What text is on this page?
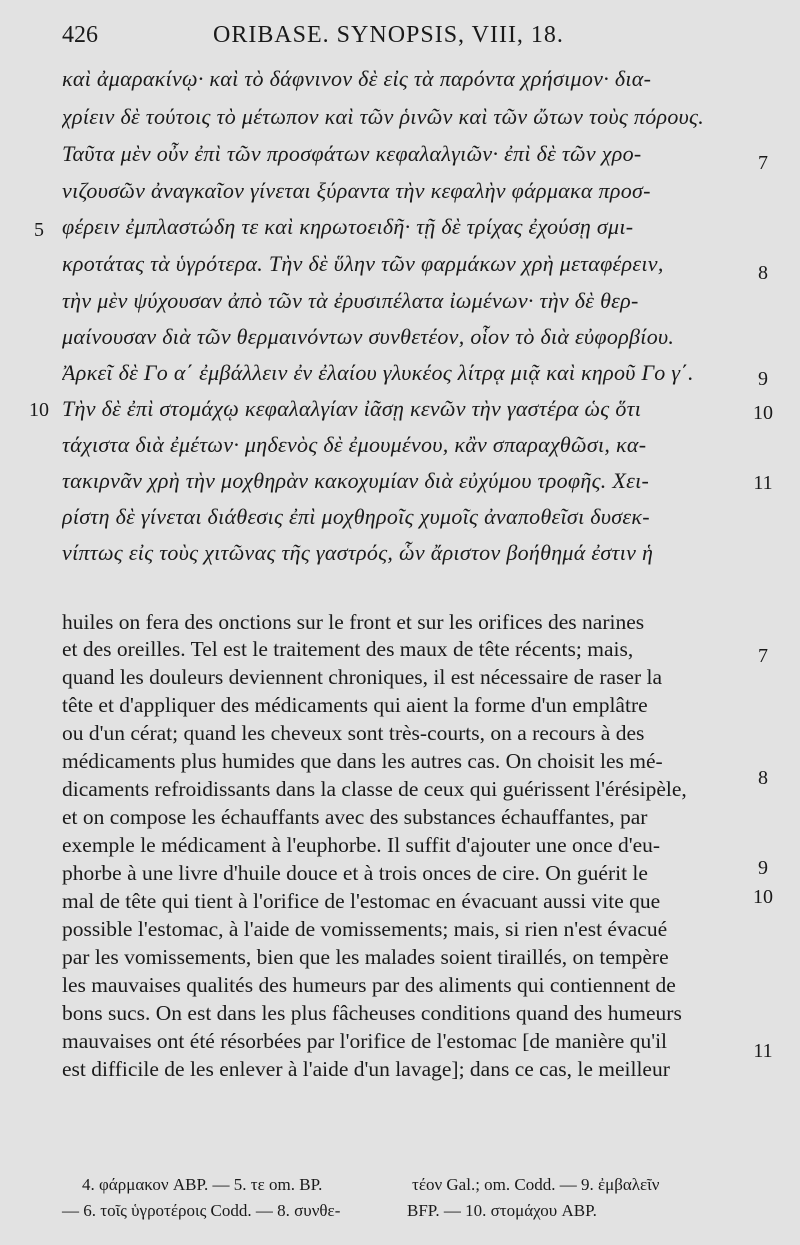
426	ORIBASE. SYNOPSIS, VIII, 18.
καὶ ἀμαρακίνῳ· καὶ τὸ δάφνινον δὲ εἰς τὰ παρόντα χρήσιμον· δια-
χρίειν δὲ τούτοις τὸ μέτωπον καὶ τῶν ῥινῶν καὶ τῶν ὤτων τοὺς πόρους.
Ταῦτα μὲν οὖν ἐπὶ τῶν προσφάτων κεφαλαλγιῶν· ἐπὶ δὲ τῶν χρο-
νιζουσῶν ἀναγκαῖον γίνεται ξύραντα τὴν κεφαλὴν φάρμακα προσ-
φέρειν ἐμπλαστώδη τε καὶ κηρωτοειδῆ· τῇ δὲ τρίχας ἐχούσῃ σμι-
κροτάτας τὰ ὑγρότερα. Τὴν δὲ ὕλην τῶν φαρμάκων χρὴ μεταφέρειν,
τὴν μὲν ψύχουσαν ἀπὸ τῶν τὰ ἐρυσιπέλατα ἰωμένων· τὴν δὲ θερ-
μαίνουσαν διὰ τῶν θερμαινόντων συνθετέον, οἷον τὸ διὰ εὐφορβίου.
Ἀρκεῖ δὲ Γο α΄ ἐμβάλλειν ἐν ἐλαίου γλυκέος λίτρᾳ μιᾷ καὶ κηροῦ Γο γ΄.
Τὴν δὲ ἐπὶ στομάχῳ κεφαλαλγίαν ἰᾶσῃ κενῶν τὴν γαστέρα ὡς ὅτι
τάχιστα διὰ ἐμέτων· μηδενὸς δὲ ἐμουμένου, κἂν σπαραχθῶσι, κα-
τακιρνᾶν χρὴ τὴν μοχθηρὰν κακοχυμίαν διὰ εὐχύμου τροφῆς. Χει-
ρίστη δὲ γίνεται διάθεσις ἐπὶ μοχθηροῖς χυμοῖς ἀναποθεῖσι δυσεκ-
νίπτως εἰς τοὺς χιτῶνας τῆς γαστρός, ὧν ἄριστον βοήθημά ἐστιν ἡ
5
10
7
8
9
10
11
huiles on fera des onctions sur le front et sur les orifices des narines
et des oreilles. Tel est le traitement des maux de tête récents; mais,
quand les douleurs deviennent chroniques, il est nécessaire de raser la
tête et d'appliquer des médicaments qui aient la forme d'un emplâtre
ou d'un cérat; quand les cheveux sont très-courts, on a recours à des
médicaments plus humides que dans les autres cas. On choisit les mé-
dicaments refroidissants dans la classe de ceux qui guérissent l'érésipèle,
et on compose les échauffants avec des substances échauffantes, par
exemple le médicament à l'euphorbe. Il suffit d'ajouter une once d'eu-
phorbe à une livre d'huile douce et à trois onces de cire. On guérit le
mal de tête qui tient à l'orifice de l'estomac en évacuant aussi vite que
possible l'estomac, à l'aide de vomissements; mais, si rien n'est évacué
par les vomissements, bien que les malades soient tiraillés, on tempère
les mauvaises qualités des humeurs par des aliments qui contiennent de
bons sucs. On est dans les plus fâcheuses conditions quand des humeurs
mauvaises ont été résorbées par l'orifice de l'estomac [de manière qu'il
est difficile de les enlever à l'aide d'un lavage]; dans ce cas, le meilleur
7
8
9
10
11
4. φάρμακον ABP. — 5. τε om. BP.	τέον Gal.; om. Codd. — 9. ἐμβαλεῖν
— 6. τοῖς ὑγροτέροις Codd. — 8. συνθε-	BFP. — 10. στομάχου ABP.
